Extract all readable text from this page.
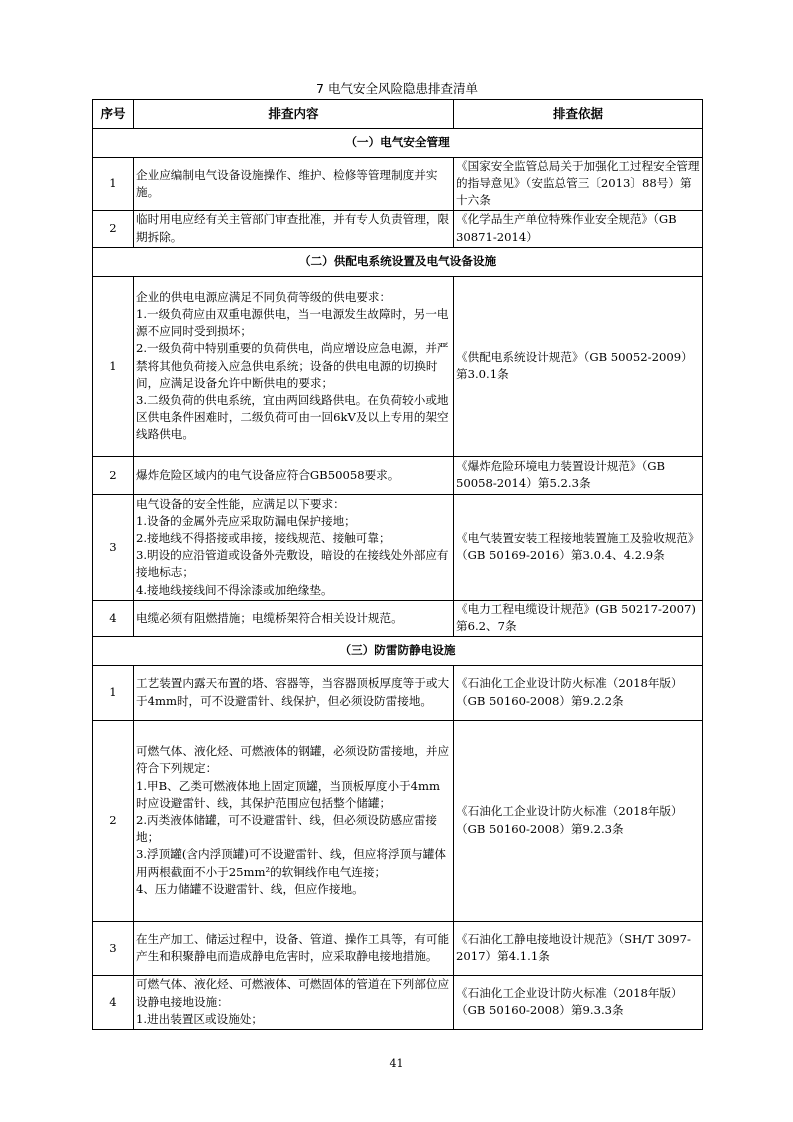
7 电气安全风险隐患排查清单
序号	排查内容	排查依据
（一）电气安全管理		
1	企业应编制电气设备设施操作、维护、检修等管理制度并实施。	《国家安全监管总局关于加强化工过程安全管理的指导意见》（安监总管三〔2013〕88号）第十六条
2	临时用电应经有关主管部门审查批准，并有专人负责管理，限期拆除。	《化学品生产单位特殊作业安全规范》（GB 30871-2014）
（二）供配电系统设置及电气设备设施		
1	企业的供电电源应满足不同负荷等级的供电要求：
1.一级负荷应由双重电源供电，当一电源发生故障时，另一电源不应同时受到损坏；
2.一级负荷中特别重要的负荷供电，尚应增设应急电源，并严禁将其他负荷接入应急供电系统；设备的供电电源的切换时间，应满足设备允许中断供电的要求；
3.二级负荷的供电系统，宜由两回线路供电。在负荷较小或地区供电条件困难时，二级负荷可由一回6kV及以上专用的架空线路供电。	《供配电系统设计规范》（GB 50052-2009）第3.0.1条
2	爆炸危险区域内的电气设备应符合GB50058要求。	《爆炸危险环境电力装置设计规范》（GB 50058-2014）第5.2.3条
3	电气设备的安全性能，应满足以下要求：
1.设备的金属外壳应采取防漏电保护接地；
2.接地线不得搭接或串接，接线规范、接触可靠；
3.明设的应沿管道或设备外壳敷设，暗设的在接线处外部应有接地标志；
4.接地线接线间不得涂漆或加绝缘垫。	《电气装置安装工程接地装置施工及验收规范》（GB 50169-2016）第3.0.4、4.2.9条
4	电缆必须有阻燃措施；电缆桥架符合相关设计规范。	《电力工程电缆设计规范》(GB 50217-2007) 第6.2、7条
（三）防雷防静电设施		
1	工艺装置内露天布置的塔、容器等，当容器顶板厚度等于或大于4mm时，可不设避雷针、线保护，但必须设防雷接地。	《石油化工企业设计防火标准（2018年版）（GB 50160-2008）第9.2.2条
2	可燃气体、液化烃、可燃液体的钢罐，必须设防雷接地，并应符合下列规定：
1.甲B、乙类可燃液体地上固定顶罐，当顶板厚度小于4mm时应设避雷针、线，其保护范围应包括整个储罐；
2.丙类液体储罐，可不设避雷针、线，但必须设防感应雷接地；
3.浮顶罐(含内浮顶罐)可不设避雷针、线，但应将浮顶与罐体用两根截面不小于25mm²的软铜线作电气连接；
4、压力储罐不设避雷针、线，但应作接地。	《石油化工企业设计防火标准（2018年版）（GB 50160-2008）第9.2.3条
3	在生产加工、储运过程中，设备、管道、操作工具等，有可能产生和积聚静电而造成静电危害时，应采取静电接地措施。	《石油化工静电接地设计规范》（SH/T 3097-2017）第4.1.1条
4	可燃气体、液化烃、可燃液体、可燃固体的管道在下列部位应设静电接地设施：
1.进出装置区或设施处；	《石油化工企业设计防火标准（2018年版）（GB 50160-2008）第9.3.3条
41
